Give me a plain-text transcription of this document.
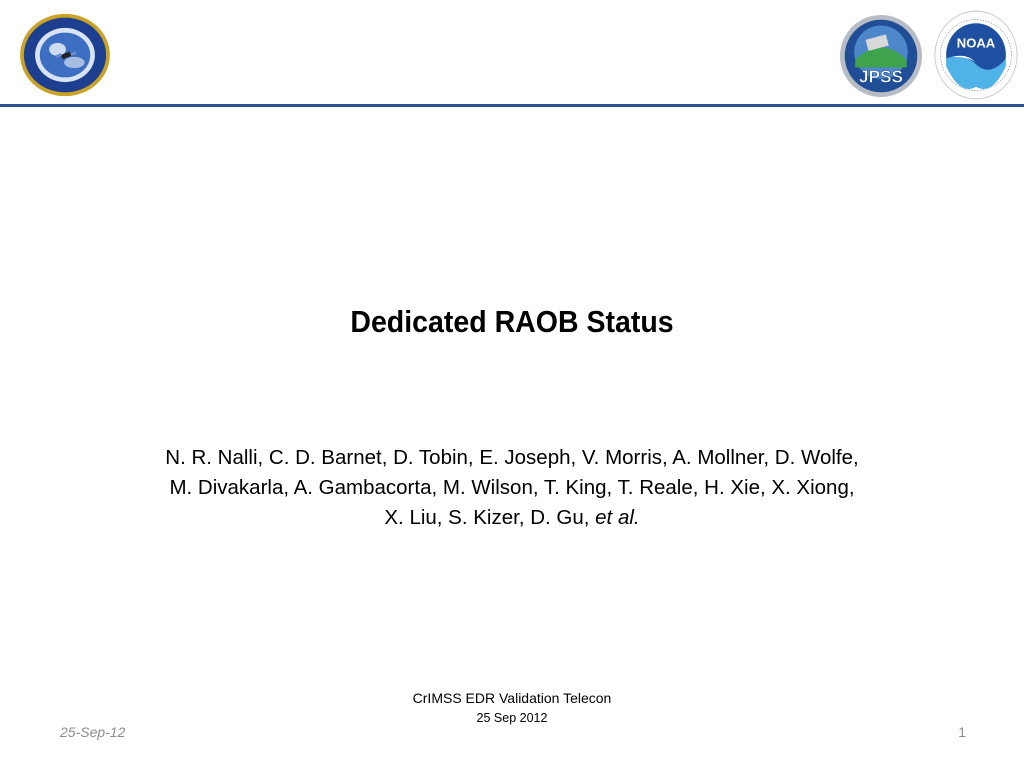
JPSS
NOAA
Dedicated RAOB Status
N. R. Nalli, C. D. Barnet, D. Tobin, E. Joseph, V. Morris, A. Mollner, D. Wolfe,
M. Divakarla, A. Gambacorta, M. Wilson, T. King, T. Reale, H. Xie, X. Xiong,
X. Liu, S. Kizer, D. Gu, et al.
CrIMSS EDR Validation Telecon
25 Sep 2012
25-Sep-12	1
